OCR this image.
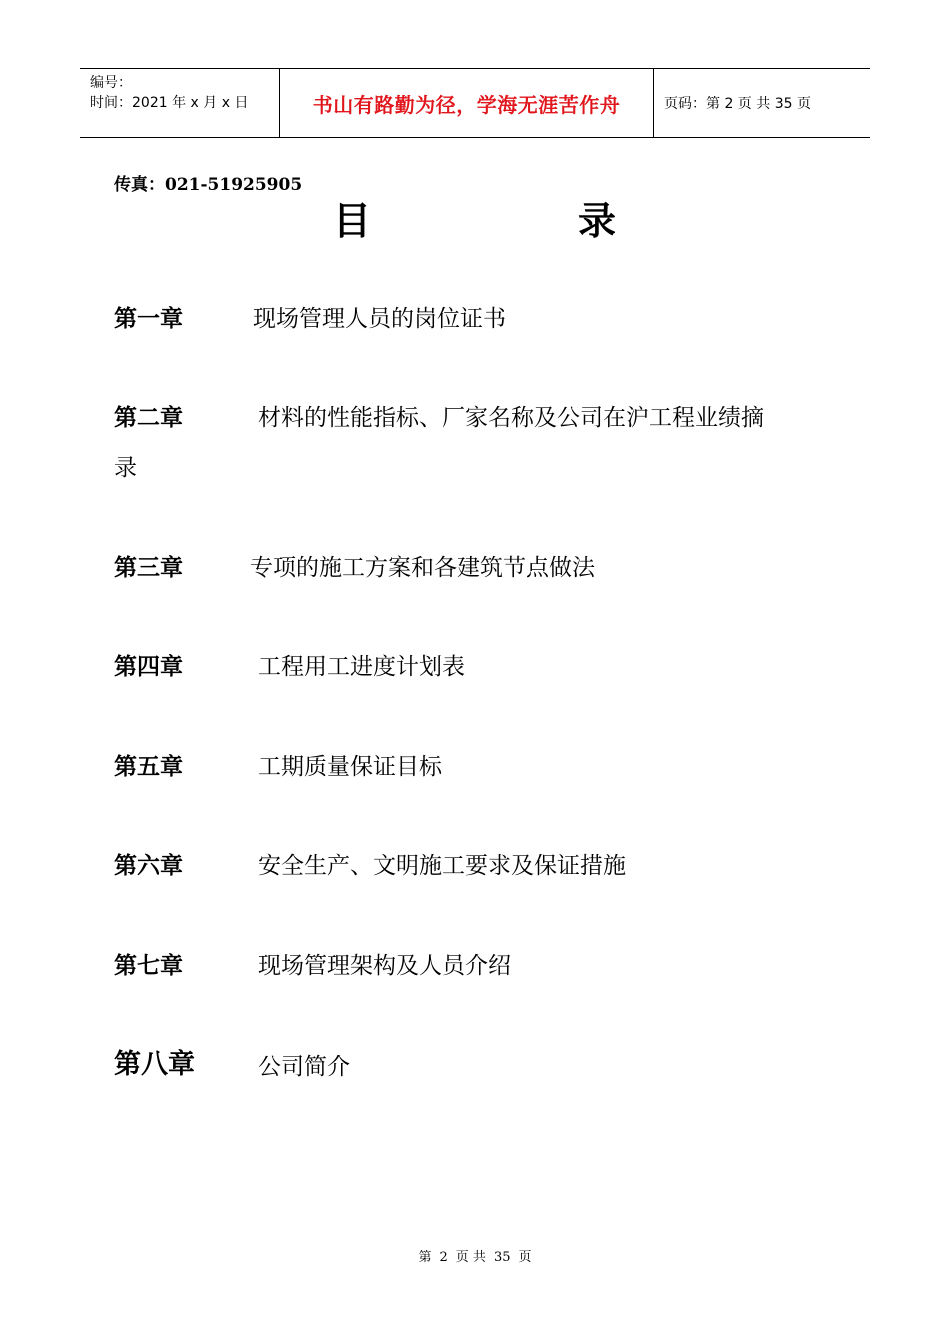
编号：
时间：2021 年 x 月 x 日	书山有路勤为径，学海无涯苦作舟	页码：第 2 页 共 35 页
传真：021-51925905
目	录
第一章	现场管理人员的岗位证书
第二章	材料的性能指标、厂家名称及公司在沪工程业绩摘
录
第三章	专项的施工方案和各建筑节点做法
第四章	工程用工进度计划表
第五章	工期质量保证目标
第六章	安全生产、文明施工要求及保证措施
第七章	现场管理架构及人员介绍
第八章	公司简介
第 2 页 共 35 页
